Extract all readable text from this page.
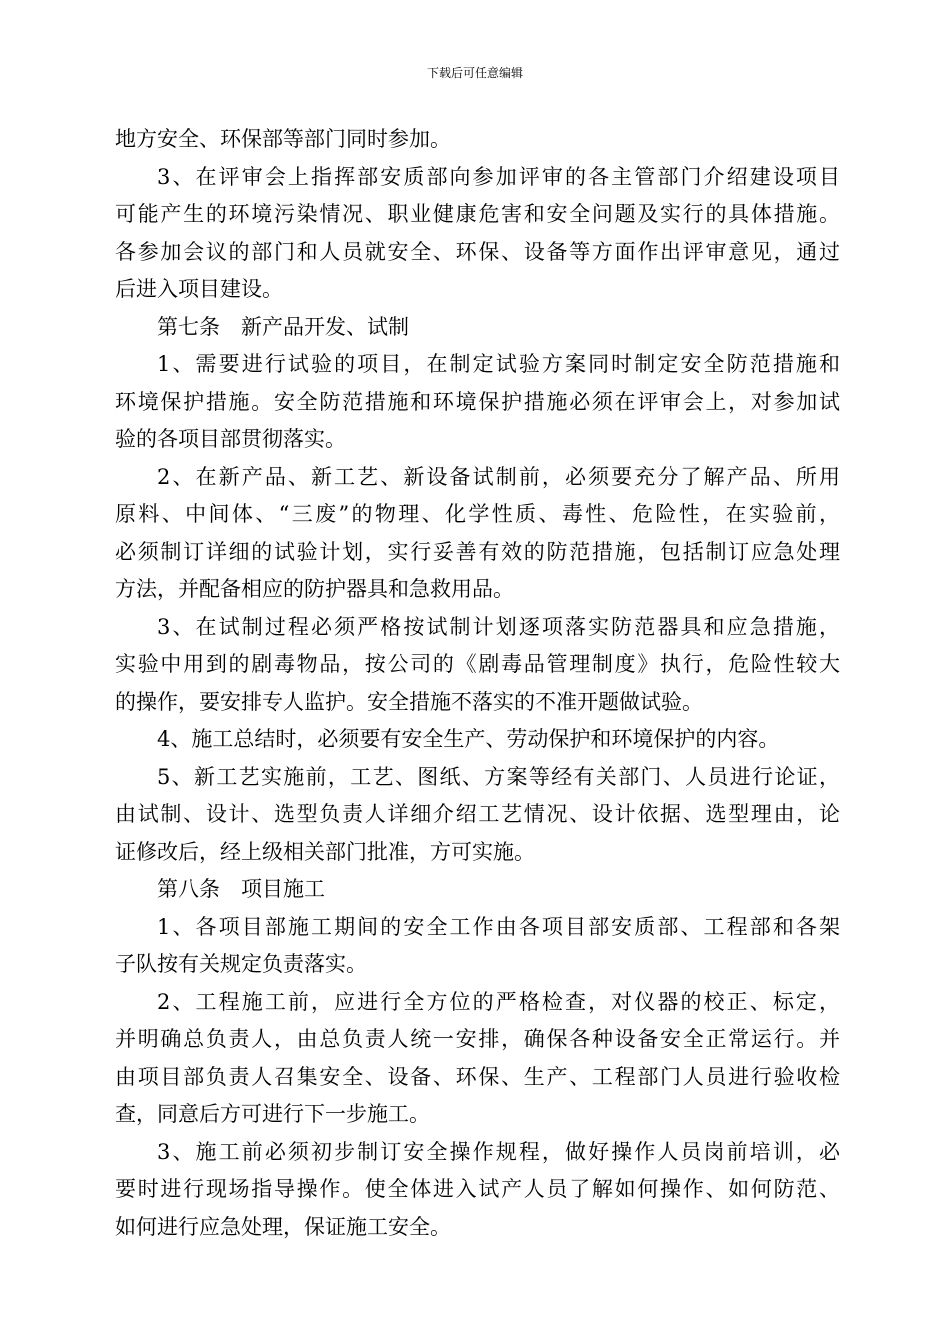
下载后可任意编辑
地方安全、环保部等部门同时参加。
3、在评审会上指挥部安质部向参加评审的各主管部门介绍建设项目
可能产生的环境污染情况、职业健康危害和安全问题及实行的具体措施。
各参加会议的部门和人员就安全、环保、设备等方面作出评审意见，通过
后进入项目建设。
第七条　新产品开发、试制
1、需要进行试验的项目，在制定试验方案同时制定安全防范措施和
环境保护措施。安全防范措施和环境保护措施必须在评审会上，对参加试
验的各项目部贯彻落实。
2、在新产品、新工艺、新设备试制前，必须要充分了解产品、所用
原料、中间体、“三废”的物理、化学性质、毒性、危险性，在实验前，
必须制订详细的试验计划，实行妥善有效的防范措施，包括制订应急处理
方法，并配备相应的防护器具和急救用品。
3、在试制过程必须严格按试制计划逐项落实防范器具和应急措施，
实验中用到的剧毒物品，按公司的《剧毒品管理制度》执行，危险性较大
的操作，要安排专人监护。安全措施不落实的不准开题做试验。
4、施工总结时，必须要有安全生产、劳动保护和环境保护的内容。
5、新工艺实施前，工艺、图纸、方案等经有关部门、人员进行论证，
由试制、设计、选型负责人详细介绍工艺情况、设计依据、选型理由，论
证修改后，经上级相关部门批准，方可实施。
第八条　项目施工
1、各项目部施工期间的安全工作由各项目部安质部、工程部和各架
子队按有关规定负责落实。
2、工程施工前，应进行全方位的严格检查，对仪器的校正、标定，
并明确总负责人，由总负责人统一安排，确保各种设备安全正常运行。并
由项目部负责人召集安全、设备、环保、生产、工程部门人员进行验收检
查，同意后方可进行下一步施工。
3、施工前必须初步制订安全操作规程，做好操作人员岗前培训，必
要时进行现场指导操作。使全体进入试产人员了解如何操作、如何防范、
如何进行应急处理，保证施工安全。
